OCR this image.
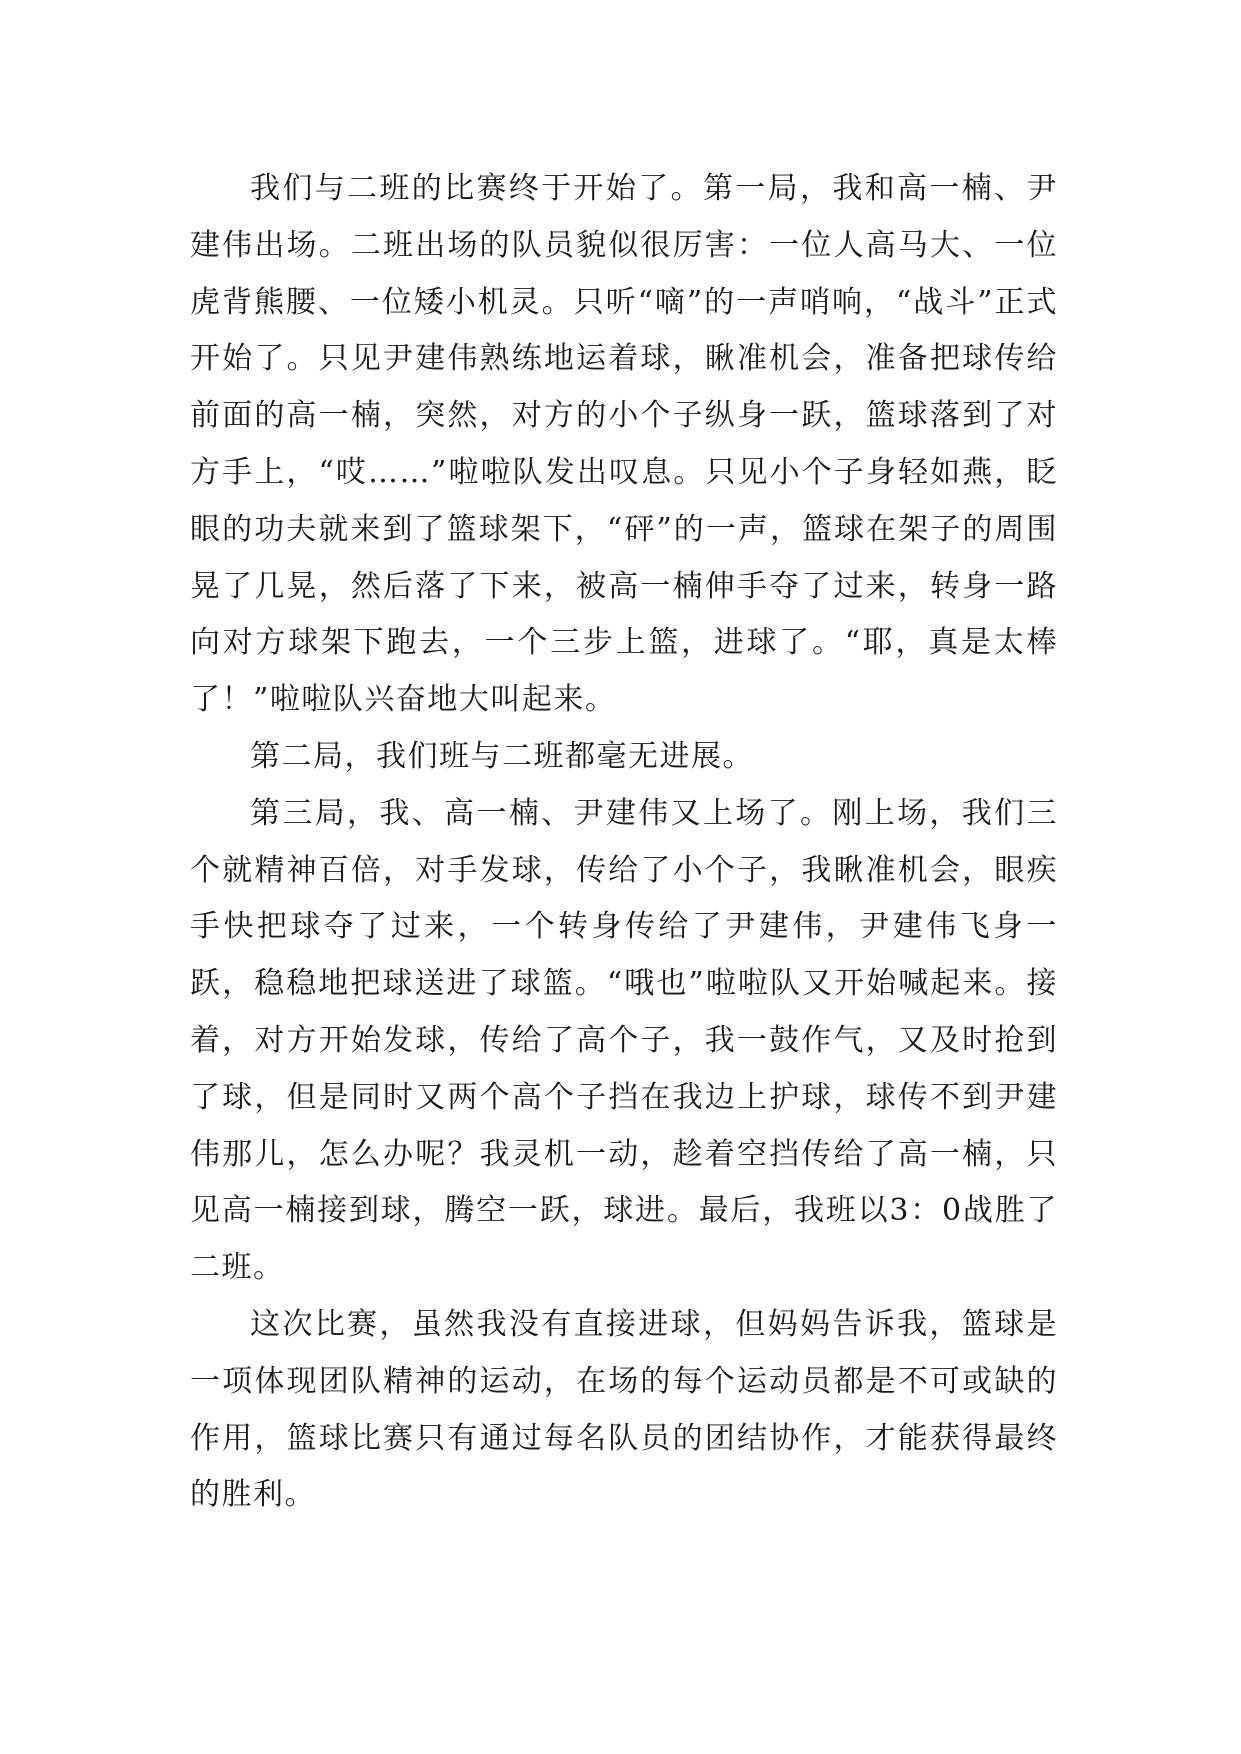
我们与二班的比赛终于开始了。第一局，我和高一楠、尹建伟出场。二班出场的队员貌似很厉害：一位人高马大、一位虎背熊腰、一位矮小机灵。只听“嘀”的一声哨响，“战斗”正式开始了。只见尹建伟熟练地运着球，瞅准机会，准备把球传给前面的高一楠，突然，对方的小个子纵身一跃，篮球落到了对方手上，“哎……”啦啦队发出叹息。只见小个子身轻如燕，眨眼的功夫就来到了篮球架下，“砰”的一声，篮球在架子的周围晃了几晃，然后落了下来，被高一楠伸手夺了过来，转身一路向对方球架下跑去，一个三步上篮，进球了。“耶，真是太棒了！”啦啦队兴奋地大叫起来。

第二局，我们班与二班都毫无进展。

第三局，我、高一楠、尹建伟又上场了。刚上场，我们三个就精神百倍，对手发球，传给了小个子，我瞅准机会，眼疾手快把球夺了过来，一个转身传给了尹建伟，尹建伟飞身一跃，稳稳地把球送进了球篮。“哦也”啦啦队又开始喊起来。接着，对方开始发球，传给了高个子，我一鼓作气，又及时抢到了球，但是同时又两个高个子挡在我边上护球，球传不到尹建伟那儿，怎么办呢？我灵机一动，趁着空挡传给了高一楠，只见高一楠接到球，腾空一跃，球进。最后，我班以3：0战胜了二班。

这次比赛，虽然我没有直接进球，但妈妈告诉我，篮球是一项体现团队精神的运动，在场的每个运动员都是不可或缺的作用，篮球比赛只有通过每名队员的团结协作，才能获得最终的胜利。
